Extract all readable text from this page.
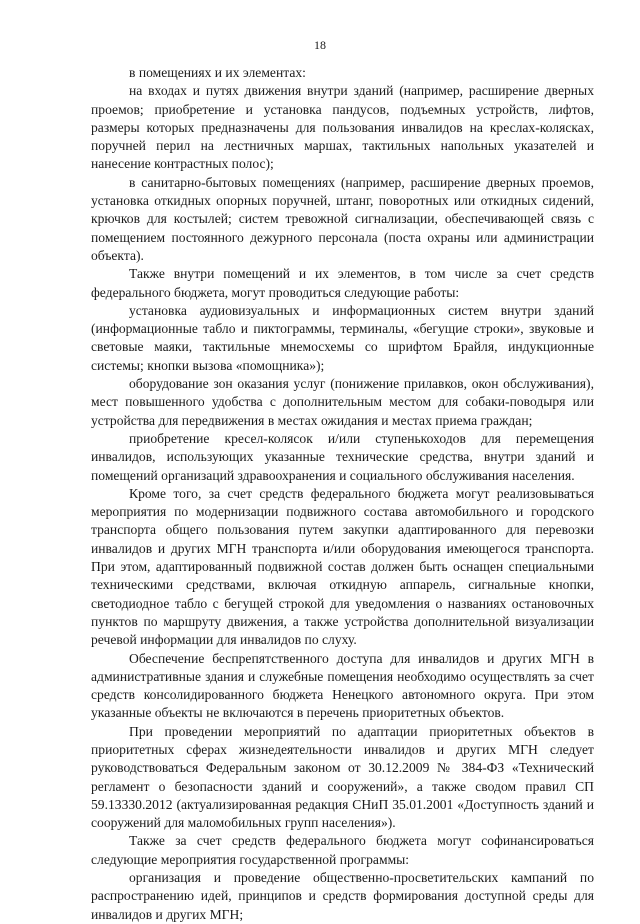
18

в помещениях и их элементах:

на входах и путях движения внутри зданий (например, расширение дверных проемов; приобретение и установка пандусов, подъемных устройств, лифтов, размеры которых предназначены для пользования инвалидов на креслах-колясках, поручней перил на лестничных маршах, тактильных напольных указателей и нанесение контрастных полос);

в санитарно-бытовых помещениях (например, расширение дверных проемов, установка откидных опорных поручней, штанг, поворотных или откидных сидений, крючков для костылей; систем тревожной сигнализации, обеспечивающей связь с помещением постоянного дежурного персонала (поста охраны или администрации объекта).

Также внутри помещений и их элементов, в том числе за счет средств федерального бюджета, могут проводиться следующие работы:

установка аудиовизуальных и информационных систем внутри зданий (информационные табло и пиктограммы, терминалы, «бегущие строки», звуковые и световые маяки, тактильные мнемосхемы со шрифтом Брайля, индукционные системы; кнопки вызова «помощника»);

оборудование зон оказания услуг (понижение прилавков, окон обслуживания), мест повышенного удобства с дополнительным местом для собаки-поводыря или устройства для передвижения в местах ожидания и местах приема граждан;

приобретение кресел-колясок и/или ступенькоходов для перемещения инвалидов, использующих указанные технические средства, внутри зданий и помещений организаций здравоохранения и социального обслуживания населения.

Кроме того, за счет средств федерального бюджета могут реализовываться мероприятия по модернизации подвижного состава автомобильного и городского транспорта общего пользования путем закупки адаптированного для перевозки инвалидов и других МГН транспорта и/или оборудования имеющегося транспорта. При этом, адаптированный подвижной состав должен быть оснащен специальными техническими средствами, включая откидную аппарель, сигнальные кнопки, светодиодное табло с бегущей строкой для уведомления о названиях остановочных пунктов по маршруту движения, а также устройства дополнительной визуализации речевой информации для инвалидов по слуху.

Обеспечение беспрепятственного доступа для инвалидов и других МГН в административные здания и служебные помещения необходимо осуществлять за счет средств консолидированного бюджета Ненецкого автономного округа. При этом указанные объекты не включаются в перечень приоритетных объектов.

При проведении мероприятий по адаптации приоритетных объектов в приоритетных сферах жизнедеятельности инвалидов и других МГН следует руководствоваться Федеральным законом от 30.12.2009 № 384-ФЗ «Технический регламент о безопасности зданий и сооружений», а также сводом правил СП 59.13330.2012 (актуализированная редакция СНиП 35.01.2001 «Доступность зданий и сооружений для маломобильных групп населения»).

Также за счет средств федерального бюджета могут софинансироваться следующие мероприятия государственной программы:

организация и проведение общественно-просветительских кампаний по распространению идей, принципов и средств формирования доступной среды для инвалидов и других МГН;
